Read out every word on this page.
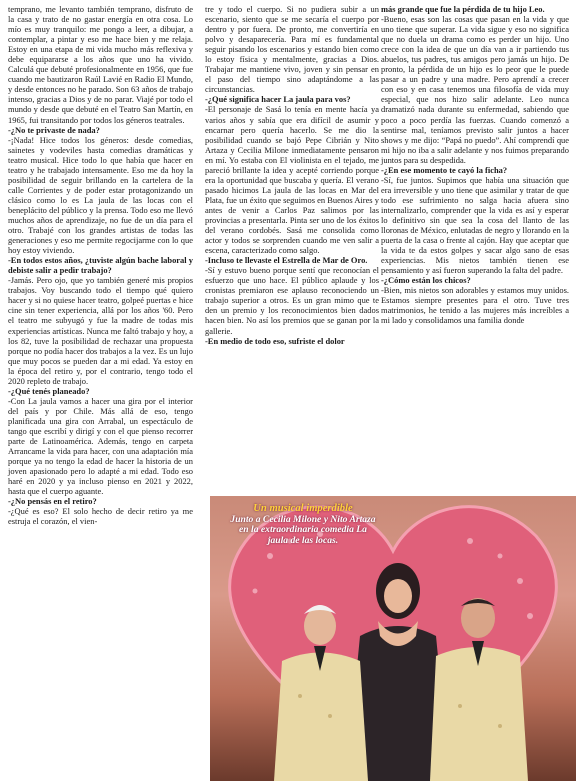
temprano, me levanto también temprano, disfruto de la casa y trato de no gastar energía en otra cosa. Lo mío es muy tranquilo: me pongo a leer, a dibujar, a contemplar, a pintar y eso me hace bien y me relaja. Estoy en una etapa de mi vida mucho más reflexiva y debe equipararse a los años que uno ha vivido. Calculá que debuté profesionalmente en 1956, que fue cuando me bautizaron Raúl Lavié en Radio El Mundo, y desde entonces no he parado. Son 63 años de trabajo intenso, gracias a Dios y de no parar. Viajé por todo el mundo y desde que debuté en el Teatro San Martín, en 1965, fui transitando por todos los géneros teatrales.

-¿No te privaste de nada?

-¡Nada! Hice todos los géneros: desde comedias, sainetes y vodeviles hasta comedias dramáticas y teatro musical. Hice todo lo que había que hacer en teatro y he trabajado intensamente. Eso me da hoy la posibilidad de seguir brillando en la cartelera de la calle Corrientes y de poder estar protagonizando un clásico como lo es La jaula de las locas con el beneplácito del público y la prensa. Todo eso me llevó muchos años de aprendizaje, no fue de un día para el otro. Trabajé con los grandes artistas de todas las generaciones y eso me permite regocijarme con lo que hoy estoy viviendo.

-En todos estos años, ¿tuviste algún bache laboral y debiste salir a pedir trabajo?

-Jamás. Pero ojo, que yo también generé mis propios trabajos. Voy buscando todo el tiempo qué quiero hacer y si no quiese hacer teatro, golpeé puertas e hice cine sin tener experiencia, allá por los años '60. Pero el teatro me subyugó y fue la madre de todas mis experiencias artísticas. Nunca me faltó trabajo y hoy, a los 82, tuve la posibilidad de rechazar una propuesta porque no podía hacer dos trabajos a la vez. Es un lujo que muy pocos se pueden dar a mi edad. Ya estoy en la época del retiro y, por el contrario, tengo todo el 2020 repleto de trabajo.

-¿Qué tenés planeado?

-Con La jaula vamos a hacer una gira por el interior del país y por Chile. Más allá de eso, tengo planificada una gira con Arrabal, un espectáculo de tango que escribí y dirigí y con el que pienso recorrer parte de Latinoamérica. Además, tengo en carpeta Arrancame la vida para hacer, con una adaptación mía porque ya no tengo la edad de hacer la historia de un joven apasionado pero lo adapté a mi edad. Todo eso haré en 2020 y ya incluso pienso en 2021 y 2022, hasta que el cuerpo aguante.

-¿No pensás en el retiro?

-¿Qué es eso? El solo hecho de decir retiro ya me estruja el corazón, el vien-

tre y todo el cuerpo. Si no pudiera subir a un escenario, siento que se me secaría el cuerpo por dentro y por fuera. De pronto, me convertiría en polvo y desaparecería. Para mí es fundamental seguir pisando los escenarios y estando bien como lo estoy física y mentalmente, gracias a Dios. Trabajar me mantiene vivo, joven y sin pensar en el paso del tiempo sino adaptándome a las circunstancias.

-¿Qué significa hacer La jaula para vos?

-El personaje de Sasá lo tenía en mente hacía ya varios años y sabía que era difícil de asumir y encarnar pero quería hacerlo. Se me dio la posibilidad cuando se bajó Pepe Cibrián y Nito Artaza y Cecilia Milone inmediatamente pensaron en mí. Yo estaba con El violinista en el tejado, me pareció brillante la idea y acepté corriendo porque era la oportunidad que buscaba y quería. El verano pasado hicimos La jaula de las locas en Mar del Plata, fue un éxito que seguimos en Buenos Aires y antes de venir a Carlos Paz salimos por las provincias a presentarla. Pinta ser uno de los éxitos del verano cordobés. Sasá me consolida como actor y todos se sorprenden cuando me ven salir a escena, caracterizado como salgo.

-Incluso te llevaste el Estrella de Mar de Oro.

-Sí y estuvo bueno porque sentí que reconocían el esfuerzo que uno hace. El público aplaude y los cronistas premiaron ese aplauso reconociendo un trabajo superior a otros. Es un gran mimo que te den un premio y los reconocimientos bien dados hacen bien. No así los premios que se ganan por la gallerie.

-En medio de todo eso, sufriste el dolor

más grande que fue la pérdida de tu hijo Leo.

-Bueno, esas son las cosas que pasan en la vida y que uno tiene que superar. La vida sigue y eso no significa que no duela un drama como es perder un hijo. Uno crece con la idea de que un día van a ir partiendo tus abuelos, tus padres, tus amigos pero jamás un hijo. De pronto, la pérdida de un hijo es lo peor que le puede pasar a un padre y una madre. Pero aprendí a crecer con eso y en casa tenemos una filosofía de vida muy especial, que nos hizo salir adelante. Leo nunca dramatizó nada durante su enfermedad, sabiendo que poco a poco perdía las fuerzas. Cuando comenzó a sentirse mal, teníamos previsto salir juntos a hacer shows y me dijo: “Papá no puedo”. Ahí comprendí que mi hijo no iba a salir adelante y nos fuimos preparando juntos para su despedida.

-¿En ese momento te cayó la ficha?

-Sí, fue juntos. Supimos que había una situación que era irreversible y uno tiene que asimilar y tratar de que todo ese sufrimiento no salga hacia afuera sino internalizarlo, comprender que la vida es así y esperar lo definitivo sin que sea la cosa del llanto de las lloronas de México, enlutadas de negro y llorando en la puerta de la casa o frente al cajón. Hay que aceptar que la vida te da estos golpes y sacar algo sano de esas experiencias. Mis nietos también tienen ese pensamiento y así fueron superando la falta del padre.

-¿Cómo están los chicos?

-Bien, mis nietos son adorables y estamos muy unidos. Estamos siempre presentes para el otro. Tuve tres matrimonios, he tenido a las mujeres más increíbles a mi lado y consolidamos una familia donde

Un musical imperdible
Junto a Cecilia Milone y Nito Artaza en la extraordinaria comedia La jaula de las locas.
